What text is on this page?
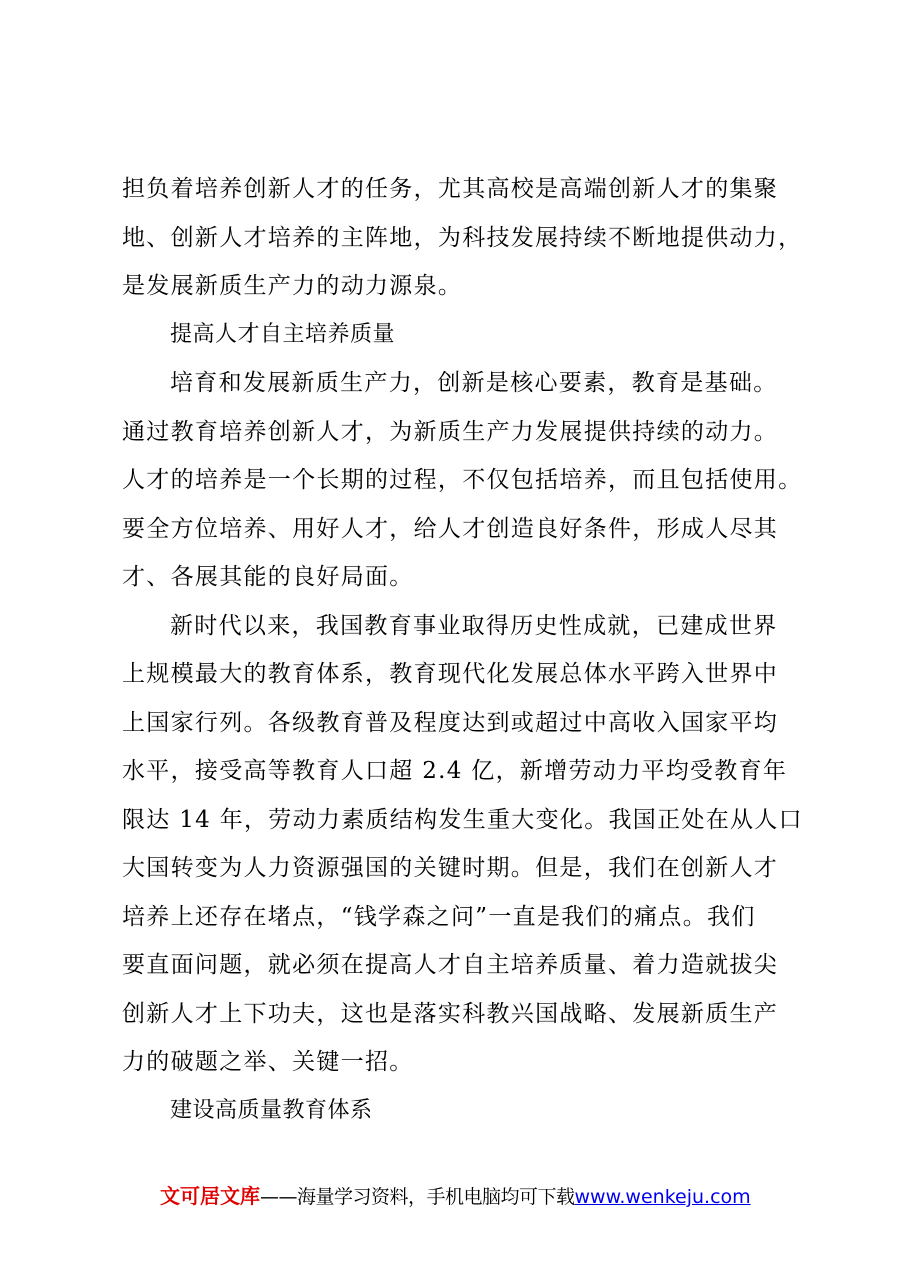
担负着培养创新人才的任务，尤其高校是高端创新人才的集聚
地、创新人才培养的主阵地，为科技发展持续不断地提供动力，
是发展新质生产力的动力源泉。
提高人才自主培养质量
培育和发展新质生产力，创新是核心要素，教育是基础。
通过教育培养创新人才，为新质生产力发展提供持续的动力。
人才的培养是一个长期的过程，不仅包括培养，而且包括使用。
要全方位培养、用好人才，给人才创造良好条件，形成人尽其
才、各展其能的良好局面。
新时代以来，我国教育事业取得历史性成就，已建成世界
上规模最大的教育体系，教育现代化发展总体水平跨入世界中
上国家行列。各级教育普及程度达到或超过中高收入国家平均
水平，接受高等教育人口超 2.4 亿，新增劳动力平均受教育年
限达 14 年，劳动力素质结构发生重大变化。我国正处在从人口
大国转变为人力资源强国的关键时期。但是，我们在创新人才
培养上还存在堵点，“钱学森之问”一直是我们的痛点。我们
要直面问题，就必须在提高人才自主培养质量、着力造就拔尖
创新人才上下功夫，这也是落实科教兴国战略、发展新质生产
力的破题之举、关键一招。
建设高质量教育体系
文可居文库——海量学习资料，手机电脑均可下载www.wenkeju.com
